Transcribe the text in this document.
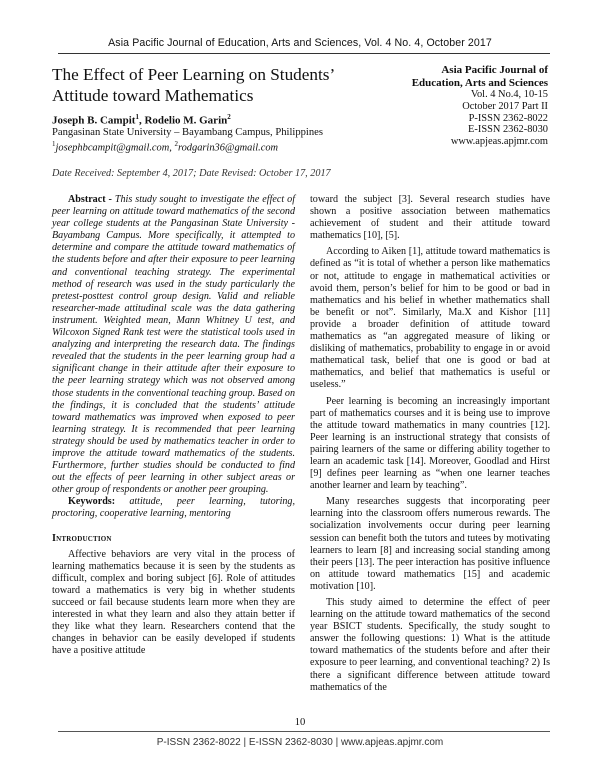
Asia Pacific Journal of Education, Arts and Sciences, Vol. 4 No. 4, October 2017
The Effect of Peer Learning on Students’ Attitude toward Mathematics
Asia Pacific Journal of Education, Arts and Sciences
Vol. 4 No.4, 10-15
October 2017 Part II
P-ISSN 2362-8022
E-ISSN 2362-8030
www.apjeas.apjmr.com
Joseph B. Campit$^1$, Rodelio M. Garin$^2$
Pangasinan State University – Bayambang Campus, Philippines
$^1$josephbcampit@gmail.com, $^2$rodgarin36@gmail.com
Date Received: September 4, 2017; Date Revised: October 17, 2017

Abstract - This study sought to investigate the effect of peer learning on attitude toward mathematics of the second year college students at the Pangasinan State University - Bayambang Campus. More specifically, it attempted to determine and compare the attitude toward mathematics of the students before and after their exposure to peer learning and conventional teaching strategy. The experimental method of research was used in the study particularly the pretest-posttest control group design. Valid and reliable researcher-made attitudinal scale was the data gathering instrument. Weighted mean, Mann Whitney U test, and Wilcoxon Signed Rank test were the statistical tools used in analyzing and interpreting the research data. The findings revealed that the students in the peer learning group had a significant change in their attitude after their exposure to the peer learning strategy which was not observed among those students in the conventional teaching group. Based on the findings, it is concluded that the students’ attitude toward mathematics was improved when exposed to peer learning strategy. It is recommended that peer learning strategy should be used by mathematics teacher in order to improve the attitude toward mathematics of the students. Furthermore, further studies should be conducted to find out the effects of peer learning in other subject areas or other group of respondents or another peer grouping.

Keywords: attitude, peer learning, tutoring, proctoring, cooperative learning, mentoring

Introduction

Affective behaviors are very vital in the process of learning mathematics because it is seen by the students as difficult, complex and boring subject [6]. Role of attitudes toward a mathematics is very big in whether students succeed or fail because students learn more when they are interested in what they learn and also they attain better if they like what they learn. Researchers contend that the changes in behavior can be easily developed if students have a positive attitude

toward the subject [3]. Several research studies have shown a positive association between mathematics achievement of student and their attitude toward mathematics [10], [5].

According to Aiken [1], attitude toward mathematics is defined as “it is total of whether a person like mathematics or not, attitude to engage in mathematical activities or avoid them, person’s belief for him to be good or bad in mathematics and his belief in whether mathematics shall be benefit or not”. Similarly, Ma.X and Kishor [11] provide a broader definition of attitude toward mathematics as “an aggregated measure of liking or disliking of mathematics, probability to engage in or avoid mathematical task, belief that one is good or bad at mathematics, and belief that mathematics is useful or useless.”

Peer learning is becoming an increasingly important part of mathematics courses and it is being use to improve the attitude toward mathematics in many countries [12]. Peer learning is an instructional strategy that consists of pairing learners of the same or differing ability together to learn an academic task [14]. Moreover, Goodlad and Hirst [9] defines peer learning as “when one learner teaches another learner and learn by teaching”.

Many researches suggests that incorporating peer learning into the classroom offers numerous rewards. The socialization involvements occur during peer learning session can benefit both the tutors and tutees by motivating learners to learn [8] and increasing social standing among their peers [13]. The peer interaction has positive influence on attitude toward mathematics [15] and academic motivation [10].

This study aimed to determine the effect of peer learning on the attitude toward mathematics of the second year BSICT students. Specifically, the study sought to answer the following questions: 1) What is the attitude toward mathematics of the students before and after their exposure to peer learning, and conventional teaching? 2) Is there a significant difference between attitude toward mathematics of the

10
P-ISSN 2362-8022 | E-ISSN 2362-8030 | www.apjeas.apjmr.com
